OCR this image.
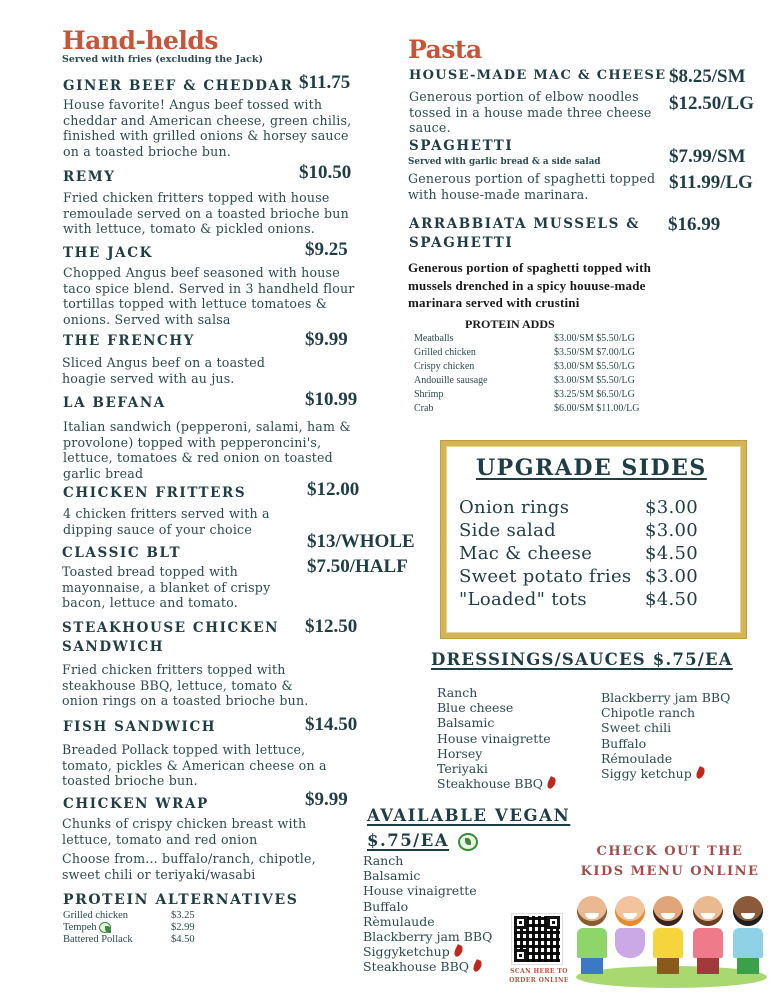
Hand-helds
Served with fries (excluding the Jack)
GINER BEEF & CHEDDAR $11.75
House favorite! Angus beef tossed with cheddar and American cheese, green chilis, finished with grilled onions & horsey sauce on a toasted brioche bun.
REMY	$10.50
Fried chicken fritters topped with house remoulade served on a toasted brioche bun with lettuce, tomato & pickled onions.
THE JACK	$9.25
Chopped Angus beef seasoned with house taco spice blend. Served in 3 handheld flour tortillas topped with lettuce tomatoes & onions. Served with salsa
THE FRENCHY	$9.99
Sliced Angus beef on a toasted hoagie served with au jus.
LA BEFANA	$10.99
Italian sandwich (pepperoni, salami, ham & provolone) topped with pepperoncini's, lettuce, tomatoes & red onion on toasted garlic bread
CHICKEN FRITTERS	$12.00
4 chicken fritters served with a dipping sauce of your choice
CLASSIC BLT
$13/WHOLE
$7.50/HALF
Toasted bread topped with mayonnaise, a blanket of crispy bacon, lettuce and tomato.
STEAKHOUSE CHICKEN
SANDWICH
$12.50
Fried chicken fritters topped with steakhouse BBQ, lettuce, tomato & onion rings on a toasted brioche bun.
FISH SANDWICH	$14.50
Breaded Pollack topped with lettuce, tomato, pickles & American cheese on a toasted brioche bun.
CHICKEN WRAP	$9.99
Chunks of crispy chicken breast with lettuce, tomato and red onion
Choose from... buffalo/ranch, chipotle, sweet chili or teriyaki/wasabi
PROTEIN ALTERNATIVES
Grilled chicken	$3.25
Tempeh	$2.99
Battered Pollack	$4.50
Pasta
HOUSE-MADE MAC & CHEESE $8.25/SM
$12.50/LG
Generous portion of elbow noodles tossed in a house made three cheese sauce.
SPAGHETTI
Served with garlic bread & a side salad	$7.99/SM
$11.99/LG
Generous portion of spaghetti topped with house-made marinara.
ARRABBIATA MUSSELS &
SPAGHETTI
$16.99
Generous portion of spaghetti topped with mussels drenched in a spicy houuse-made marinara served with crustini
PROTEIN ADDS
Meatballs	$3.00/SM $5.50/LG
Grilled chicken	$3.50/SM $7.00/LG
Crispy chicken	$3.00/SM $5.50/LG
Andouille sausage	$3.00/SM $5.50/LG
Shrimp	$3.25/SM $6.50/LG
Crab	$6.00/SM $11.00/LG
UPGRADE SIDES
Onion rings	$3.00
Side salad	$3.00
Mac & cheese	$4.50
Sweet potato fries $3.00
"Loaded" tots	$4.50
DRESSINGS/SAUCES $.75/EA
Ranch
Blue cheese
Balsamic
House vinaigrette
Horsey
Teriyaki
Steakhouse BBQ
Blackberry jam BBQ
Chipotle ranch
Sweet chili
Buffalo
Rémoulade
Siggy ketchup
AVAILABLE VEGAN
$.75/EA
Ranch
Balsamic
House vinaigrette
Buffalo
Rèmulaude
Blackberry jam BBQ
Siggyketchup
Steakhouse BBQ	SCAN HERE TO
ORDER ONLINE
CHECK OUT THE
KIDS MENU ONLINE
